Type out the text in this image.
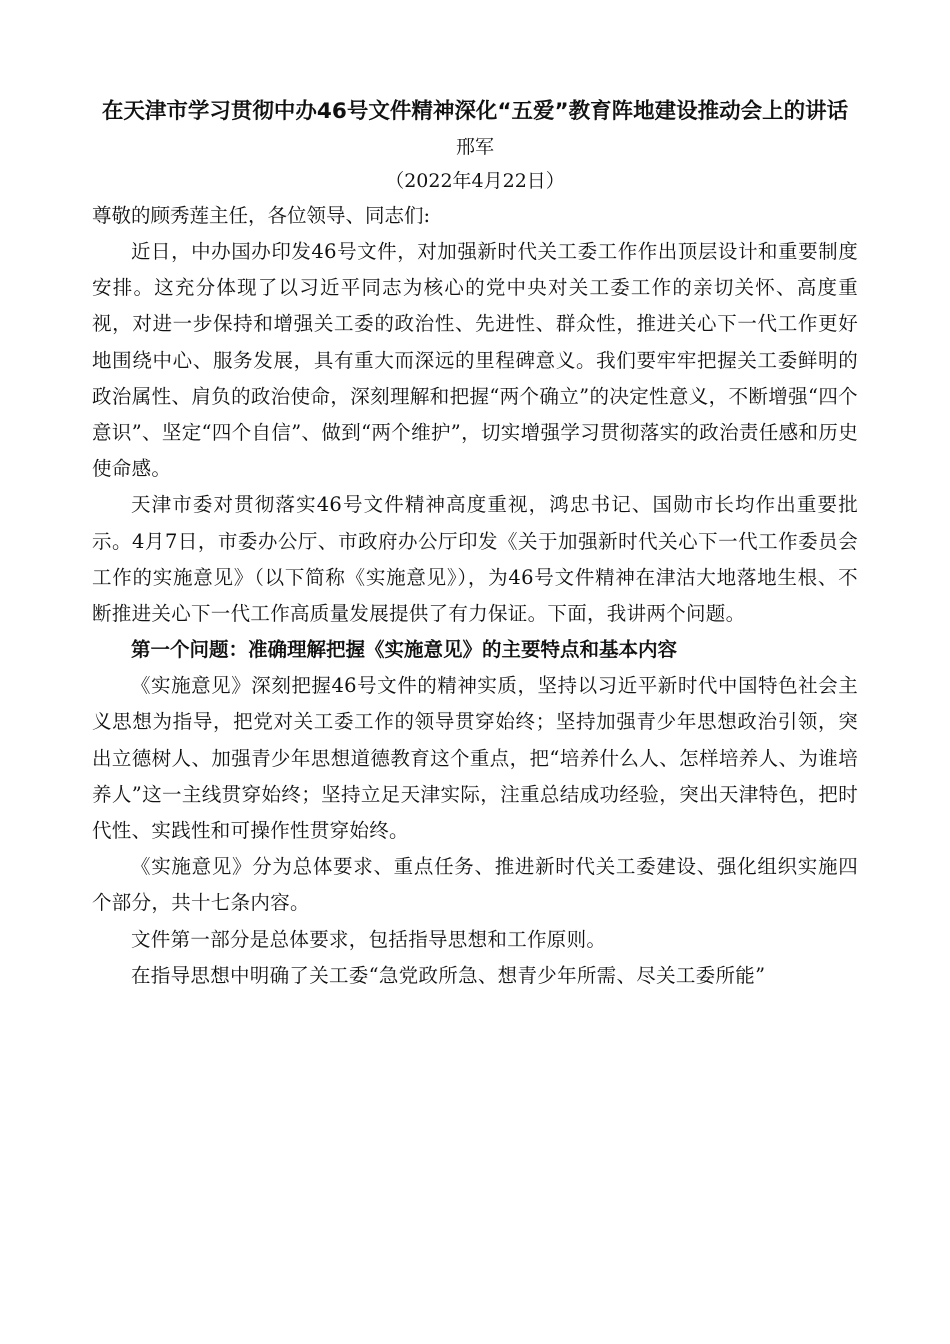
在天津市学习贯彻中办46号文件精神深化“五爱”教育阵地建设推动会上的讲话

邢军

（2022年4月22日）

尊敬的顾秀莲主任，各位领导、同志们:

近日，中办国办印发46号文件，对加强新时代关工委工作作出顶层设计和重要制度安排。这充分体现了以习近平同志为核心的党中央对关工委工作的亲切关怀、高度重视，对进一步保持和增强关工委的政治性、先进性、群众性，推进关心下一代工作更好地围绕中心、服务发展，具有重大而深远的里程碑意义。我们要牢牢把握关工委鲜明的政治属性、肩负的政治使命，深刻理解和把握“两个确立”的决定性意义，不断增强“四个意识”、坚定“四个自信”、做到“两个维护”，切实增强学习贯彻落实的政治责任感和历史使命感。

天津市委对贯彻落实46号文件精神高度重视，鸿忠书记、国勋市长均作出重要批示。4月7日，市委办公厅、市政府办公厅印发《关于加强新时代关心下一代工作委员会工作的实施意见》（以下简称《实施意见》），为46号文件精神在津沽大地落地生根、不断推进关心下一代工作高质量发展提供了有力保证。下面，我讲两个问题。

第一个问题：准确理解把握《实施意见》的主要特点和基本内容

《实施意见》深刻把握46号文件的精神实质，坚持以习近平新时代中国特色社会主义思想为指导，把党对关工委工作的领导贯穿始终；坚持加强青少年思想政治引领，突出立德树人、加强青少年思想道德教育这个重点，把“培养什么人、怎样培养人、为谁培养人”这一主线贯穿始终；坚持立足天津实际，注重总结成功经验，突出天津特色，把时代性、实践性和可操作性贯穿始终。

《实施意见》分为总体要求、重点任务、推进新时代关工委建设、强化组织实施四个部分，共十七条内容。

文件第一部分是总体要求，包括指导思想和工作原则。

在指导思想中明确了关工委“急党政所急、想青少年所需、尽关工委所能”
